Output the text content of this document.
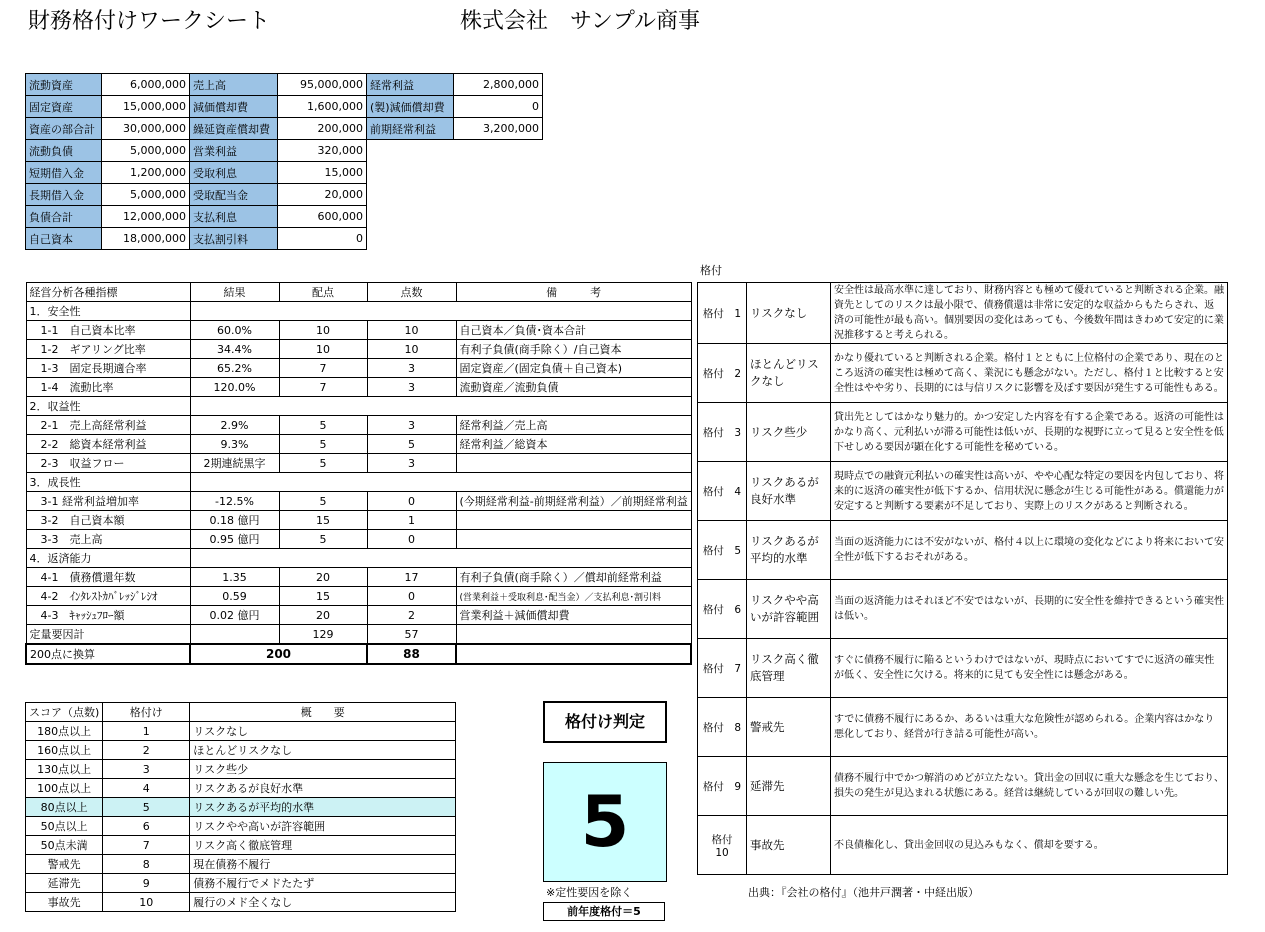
財務格付けワークシート	株式会社　サンプル商事
流動資産	6,000,000	売上高	95,000,000	経常利益	2,800,000
固定資産	15,000,000	減価償却費	1,600,000	(製)減価償却費	0
資産の部合計	30,000,000	繰延資産償却費	200,000	前期経常利益	3,200,000
流動負債	5,000,000	営業利益	320,000		
短期借入金	1,200,000	受取利息	15,000		
長期借入金	5,000,000	受取配当金	20,000		
負債合計	12,000,000	支払利息	600,000		
自己資本	18,000,000	支払割引料	0		
経営分析各種指標	結果	配点	点数	備　　　考
1．安全性				
　1-1　自己資本比率	60.0%	10	10	自己資本／負債･資本合計
　1-2　ギアリング比率	34.4%	10	10	有利子負債(商手除く）/自己資本
　1-3　固定長期適合率	65.2%	7	3	固定資産／(固定負債＋自己資本)
　1-4　流動比率	120.0%	7	3	流動資産／流動負債
2．収益性				
　2-1　売上高経常利益	2.9%	5	3	経常利益／売上高
　2-2　総資本経常利益	9.3%	5	5	経常利益／総資本
　2-3　収益フロー	2期連続黒字	5	3	
3．成長性				
　3-1 経常利益増加率	-12.5%	5	0	(今期経常利益-前期経常利益）／前期経常利益
　3-2　自己資本額	0.18 億円	15	1	
　3-3　売上高	0.95 億円	5	0	
4．返済能力				
　4-1　債務償還年数	1.35	20	17	有利子負債(商手除く）／償却前経常利益
　4-2　ｲﾝﾀﾚｽﾄｶﾊﾞﾚｯｼﾞﾚｼｵ	0.59	15	0	(営業利益＋受取利息･配当金）／支払利息･割引料
　4-3　ｷｬｯｼｭﾌﾛｰ額	0.02 億円	20	2	営業利益＋減価償却費
定量要因計		129	57	
200点に換算	200		88	
スコア（点数)	格付け	概　　要
180点以上	1	リスクなし
160点以上	2	ほとんどリスクなし
130点以上	3	リスク些少
100点以上	4	リスクあるが良好水準
80点以上	5	リスクあるが平均的水準
50点以上	6	リスクやや高いが許容範囲
50点未満	7	リスク高く徹底管理
警戒先	8	現在債務不履行
延滞先	9	債務不履行でメドたたず
事故先	10	履行のメド全くなし
格付け判定
5
※定性要因を除く
前年度格付＝5
格付
格付　1	リスクなし	安全性は最高水準に達しており、財務内容とも極めて優れていると判断される企業。融資先としてのリスクは最小限で、債務償還は非常に安定的な収益からもたらされ、返済の可能性が最も高い。個別要因の変化はあっても、今後数年間はきわめて安定的に業況推移すると考えられる。
格付　2	ほとんどリスクなし	かなり優れていると判断される企業。格付１とともに上位格付の企業であり、現在のところ返済の確実性は極めて高く、業況にも懸念がない。ただし、格付１と比較すると安全性はやや劣り、長期的には与信リスクに影響を及ぼす要因が発生する可能性もある。
格付　3	リスク些少	貸出先としてはかなり魅力的。かつ安定した内容を有する企業である。返済の可能性はかなり高く、元利払いが滞る可能性は低いが、長期的な視野に立って見ると安全性を低下せしめる要因が顕在化する可能性を秘めている。
格付　4	リスクあるが良好水準	現時点での融資元利払いの確実性は高いが、やや心配な特定の要因を内包しており、将来的に返済の確実性が低下するか、信用状況に懸念が生じる可能性がある。償還能力が安定すると判断する要素が不足しており、実際上のリスクがあると判断される。
格付　5	リスクあるが平均的水準	当面の返済能力には不安がないが、格付４以上に環境の変化などにより将来において安全性が低下するおそれがある。
格付　6	リスクやや高いが許容範囲	当面の返済能力はそれほど不安ではないが、長期的に安全性を維持できるという確実性は低い。
格付　7	リスク高く徹底管理	すぐに債務不履行に陥るというわけではないが、現時点においてすでに返済の確実性が低く、安全性に欠ける。将来的に見ても安全性には懸念がある。
格付　8	警戒先	すでに債務不履行にあるか、あるいは重大な危険性が認められる。企業内容はかなり悪化しており、経営が行き詰る可能性が高い。
格付　9	延滞先	債務不履行中でかつ解消のめどが立たない。貸出金の回収に重大な懸念を生じており、損失の発生が見込まれる状態にある。経営は継続しているが回収の難しい先。
格付
10	事故先	不良債権化し、貸出金回収の見込みもなく、償却を要する。
出典：『会社の格付』（池井戸潤著・中経出版）
